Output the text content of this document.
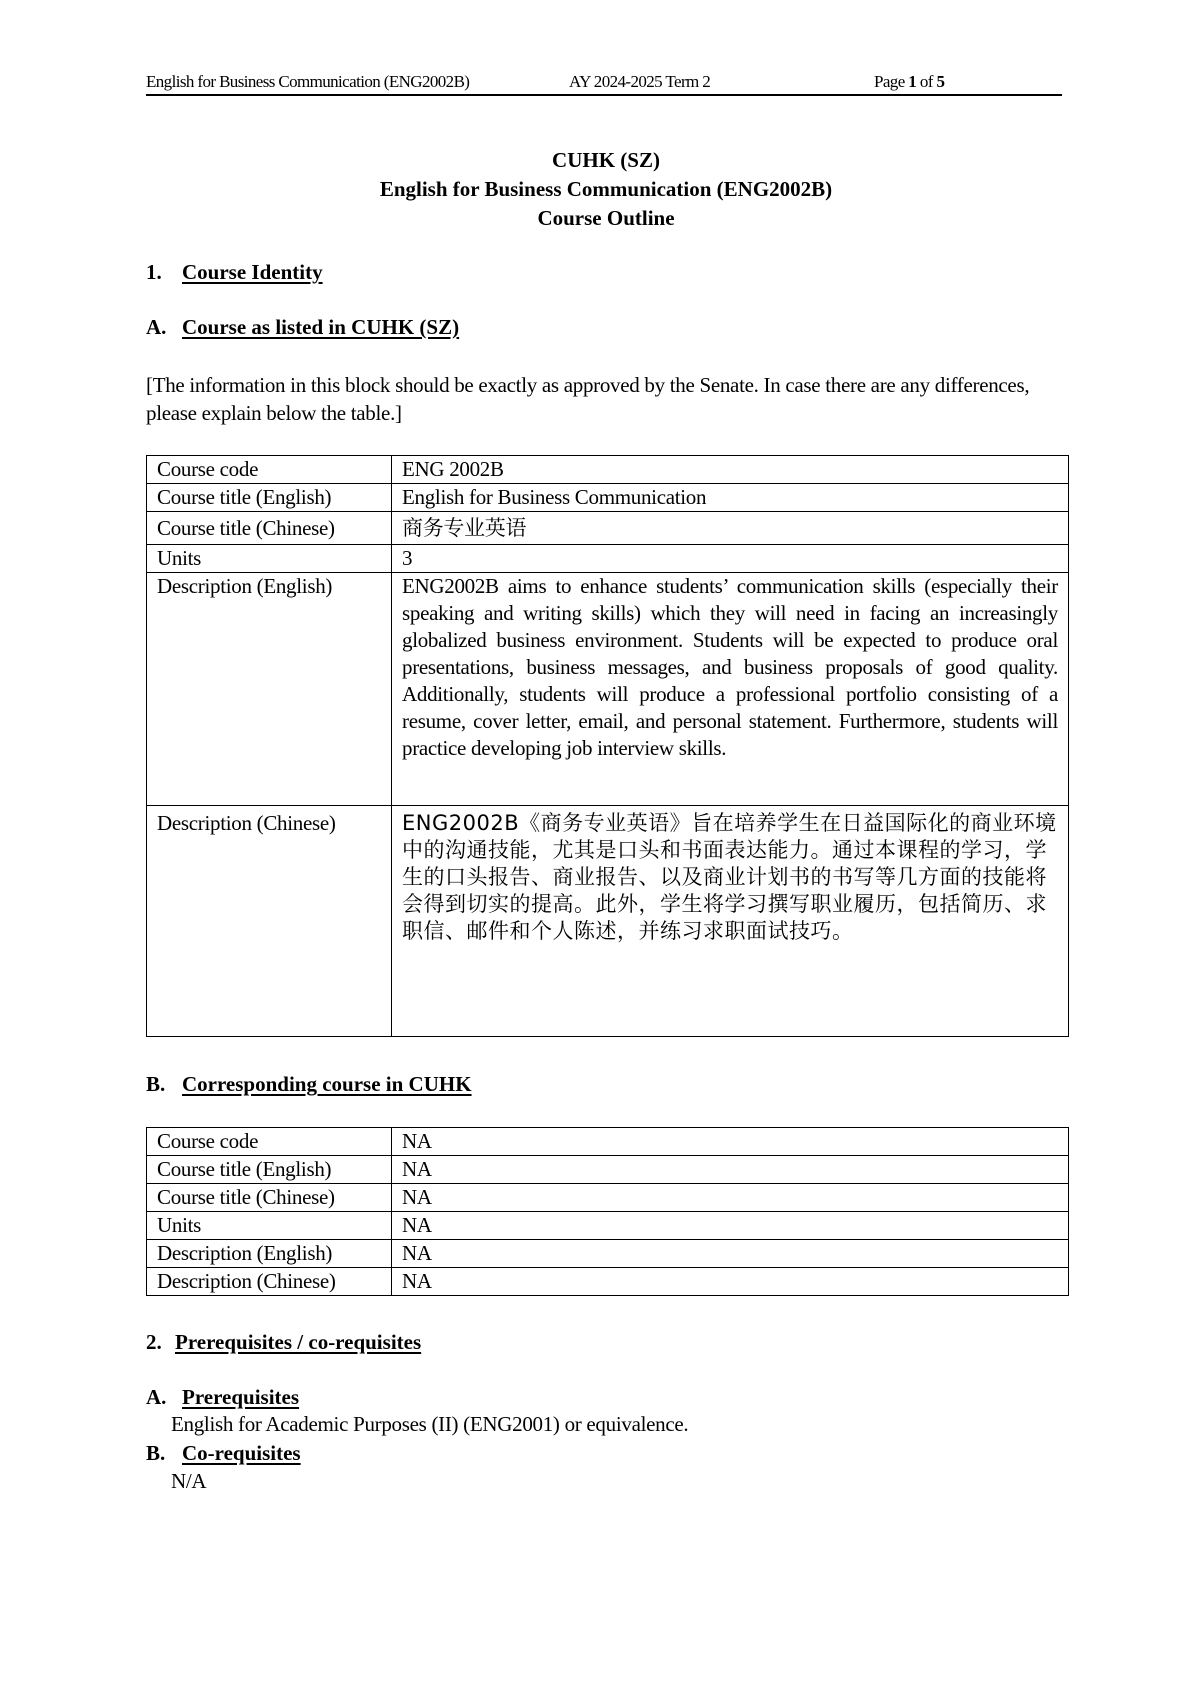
English for Business Communication (ENG2002B)	AY 2024-2025 Term 2	Page 1 of 5
CUHK (SZ)
English for Business Communication (ENG2002B)
Course Outline
1. Course Identity
A. Course as listed in CUHK (SZ)
[The information in this block should be exactly as approved by the Senate. In case there are any differences, please explain below the table.]
Course code	ENG 2002B
Course title (English)	English for Business Communication
Course title (Chinese)	商务专业英语
Units	3
Description (English)	ENG2002B aims to enhance students’ communication skills (especially their speaking and writing skills) which they will need in facing an increasingly globalized business environment. Students will be expected to produce oral presentations, business messages, and business proposals of good quality. Additionally, students will produce a professional portfolio consisting of a resume, cover letter, email, and personal statement. Furthermore, students will practice developing job interview skills.
Description (Chinese)	ENG2002B《商务专业英语》旨在培养学生在日益国际化的商业环境中的沟通技能，尤其是口头和书面表达能力。通过本课程的学习，学生的口头报告、商业报告、以及商业计划书的书写等几方面的技能将会得到切实的提高。此外，学生将学习撰写职业履历，包括简历、求职信、邮件和个人陈述，并练习求职面试技巧。
B. Corresponding course in CUHK
Course code	NA
Course title (English)	NA
Course title (Chinese)	NA
Units	NA
Description (English)	NA
Description (Chinese)	NA
2. Prerequisites / co-requisites
A. Prerequisites
English for Academic Purposes (II) (ENG2001) or equivalence.
B. Co-requisites
N/A
